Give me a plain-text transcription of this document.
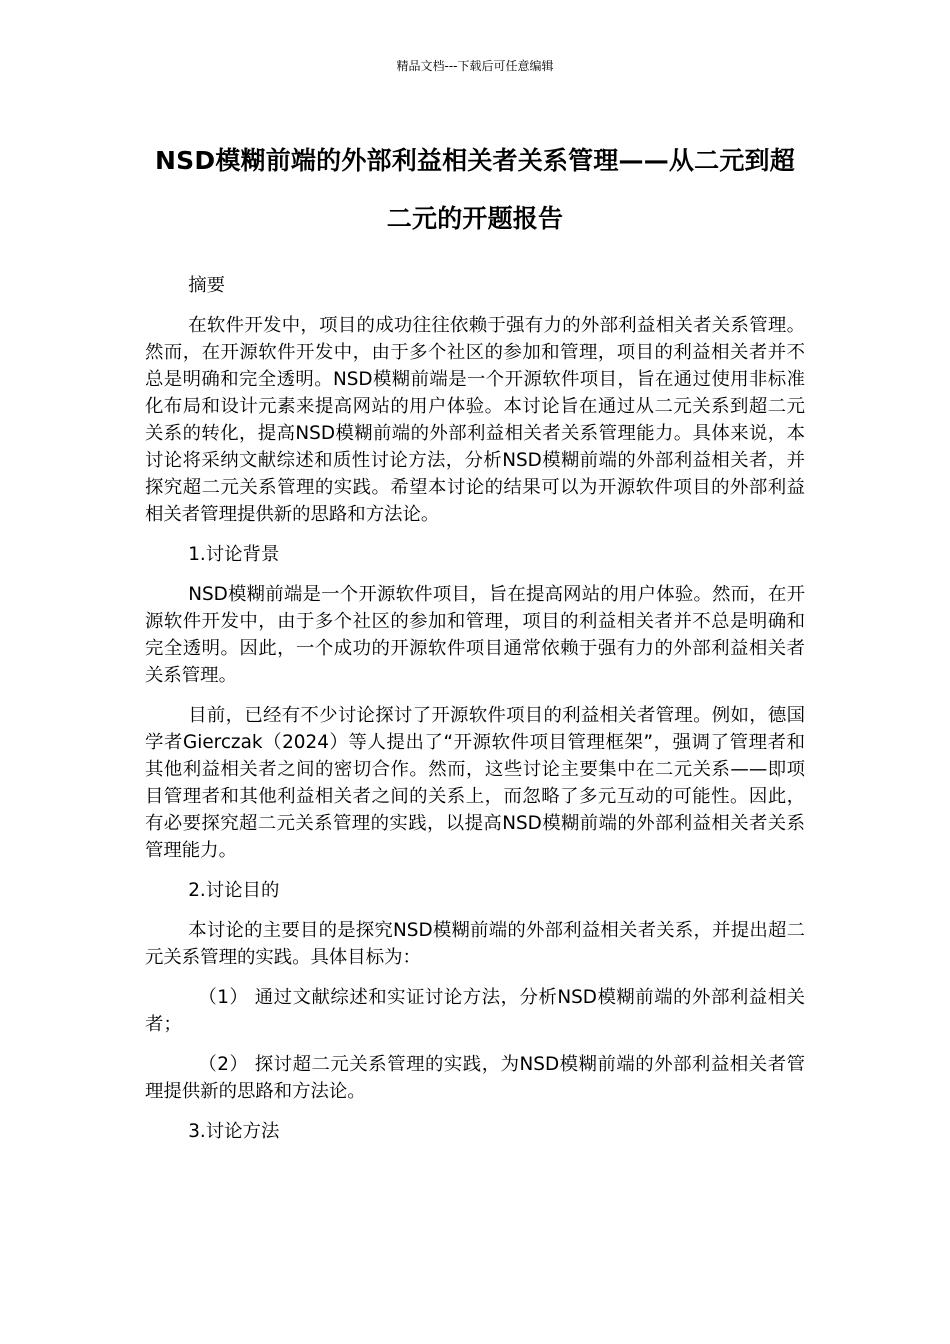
精品文档---下载后可任意编辑
NSD模糊前端的外部利益相关者关系管理——从二元到超二元的开题报告

摘要

在软件开发中，项目的成功往往依赖于强有力的外部利益相关者关系管理。然而，在开源软件开发中，由于多个社区的参加和管理，项目的利益相关者并不总是明确和完全透明。NSD模糊前端是一个开源软件项目，旨在通过使用非标准化布局和设计元素来提高网站的用户体验。本讨论旨在通过从二元关系到超二元关系的转化，提高NSD模糊前端的外部利益相关者关系管理能力。具体来说，本讨论将采纳文献综述和质性讨论方法，分析NSD模糊前端的外部利益相关者，并探究超二元关系管理的实践。希望本讨论的结果可以为开源软件项目的外部利益相关者管理提供新的思路和方法论。

1.讨论背景

NSD模糊前端是一个开源软件项目，旨在提高网站的用户体验。然而，在开源软件开发中，由于多个社区的参加和管理，项目的利益相关者并不总是明确和完全透明。因此，一个成功的开源软件项目通常依赖于强有力的外部利益相关者关系管理。

目前，已经有不少讨论探讨了开源软件项目的利益相关者管理。例如，德国学者Gierczak（2024）等人提出了“开源软件项目管理框架”，强调了管理者和其他利益相关者之间的密切合作。然而，这些讨论主要集中在二元关系——即项目管理者和其他利益相关者之间的关系上，而忽略了多元互动的可能性。因此，有必要探究超二元关系管理的实践，以提高NSD模糊前端的外部利益相关者关系管理能力。

2.讨论目的

本讨论的主要目的是探究NSD模糊前端的外部利益相关者关系，并提出超二元关系管理的实践。具体目标为：

（1） 通过文献综述和实证讨论方法，分析NSD模糊前端的外部利益相关者；

（2） 探讨超二元关系管理的实践，为NSD模糊前端的外部利益相关者管理提供新的思路和方法论。

3.讨论方法
